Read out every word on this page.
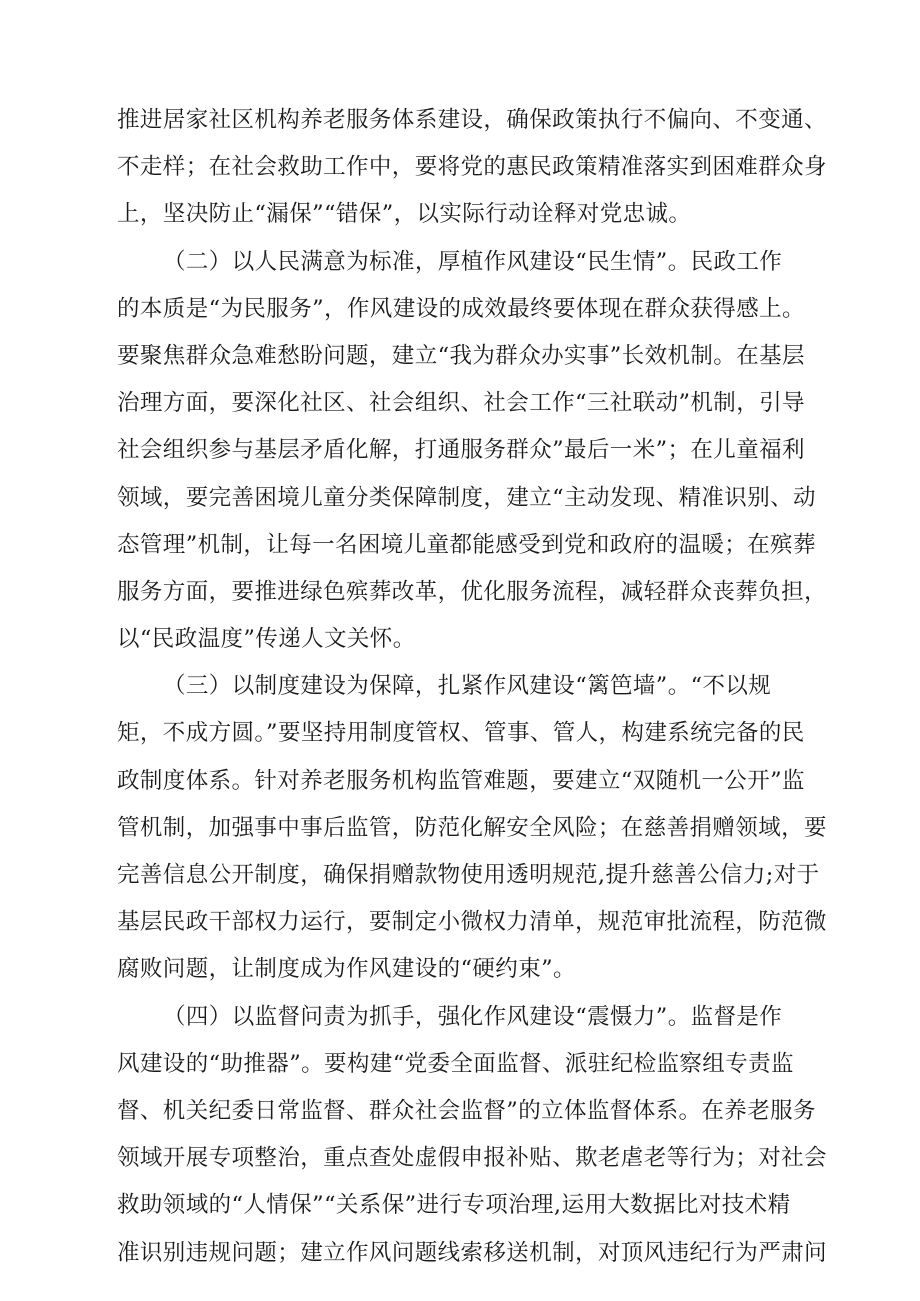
推进居家社区机构养老服务体系建设，确保政策执行不偏向、不变通、
不走样；在社会救助工作中，要将党的惠民政策精准落实到困难群众身
上，坚决防止“漏保”“错保”，以实际行动诠释对党忠诚。
（二）以人民满意为标准，厚植作风建设“民生情”。民政工作
的本质是“为民服务”，作风建设的成效最终要体现在群众获得感上。
要聚焦群众急难愁盼问题，建立“我为群众办实事”长效机制。在基层
治理方面，要深化社区、社会组织、社会工作“三社联动”机制，引导
社会组织参与基层矛盾化解，打通服务群众”最后一米”；在儿童福利
领域，要完善困境儿童分类保障制度，建立“主动发现、精准识别、动
态管理”机制，让每一名困境儿童都能感受到党和政府的温暖；在殡葬
服务方面，要推进绿色殡葬改革，优化服务流程，减轻群众丧葬负担，
以“民政温度”传递人文关怀。
（三）以制度建设为保障，扎紧作风建设“篱笆墙”。“不以规
矩，不成方圆。”要坚持用制度管权、管事、管人，构建系统完备的民
政制度体系。针对养老服务机构监管难题，要建立“双随机一公开”监
管机制，加强事中事后监管，防范化解安全风险；在慈善捐赠领域，要
完善信息公开制度，确保捐赠款物使用透明规范,提升慈善公信力;对于
基层民政干部权力运行，要制定小微权力清单，规范审批流程，防范微
腐败问题，让制度成为作风建设的“硬约束”。
（四）以监督问责为抓手，强化作风建设“震慑力”。监督是作
风建设的“助推器”。要构建“党委全面监督、派驻纪检监察组专责监
督、机关纪委日常监督、群众社会监督”的立体监督体系。在养老服务
领域开展专项整治，重点查处虚假申报补贴、欺老虐老等行为；对社会
救助领域的“人情保”“关系保”进行专项治理,运用大数据比对技术精
准识别违规问题；建立作风问题线索移送机制，对顶风违纪行为严肃问
